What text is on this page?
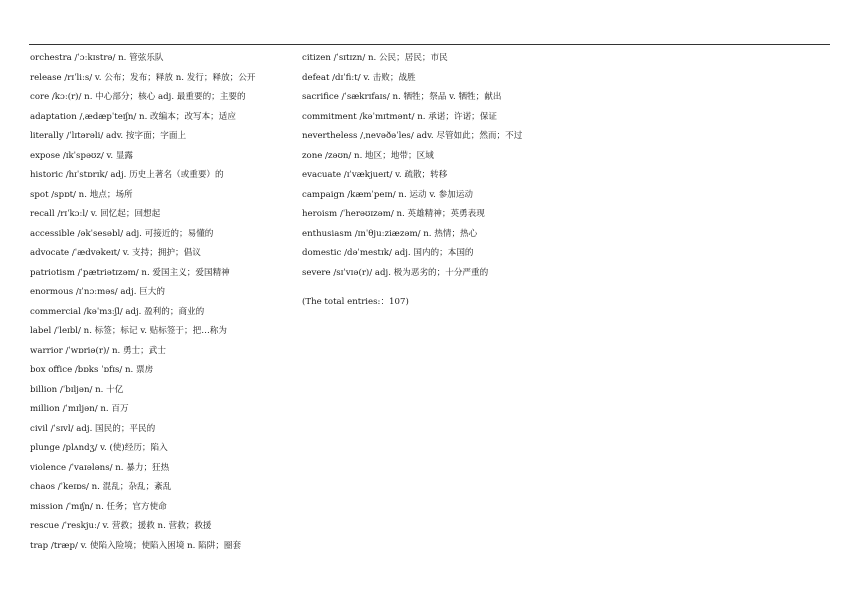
orchestra /ˈɔːkɪstrə/ n. 管弦乐队
release /rɪˈliːs/ v. 公布；发布；释放 n. 发行；释放；公开
core /kɔː(r)/ n. 中心部分；核心 adj. 最重要的；主要的
adaptation /ˌædæpˈteɪʃn/ n. 改编本；改写本；适应
literally /ˈlɪtərəli/ adv. 按字面；字面上
expose /ɪkˈspəʊz/ v. 显露
historic /hɪˈstɒrɪk/ adj. 历史上著名（或重要）的
spot /spɒt/ n. 地点；场所
recall /rɪˈkɔːl/ v. 回忆起；回想起
accessible /əkˈsesəbl/ adj. 可接近的；易懂的
advocate /ˈædvəkeɪt/ v. 支持；拥护；倡议
patriotism /ˈpætriətɪzəm/ n. 爱国主义；爱国精神
enormous /ɪˈnɔːməs/ adj. 巨大的
commercial /kəˈmɜːʃl/ adj. 盈利的；商业的
label /ˈleɪbl/ n. 标签；标记 v. 贴标签于；把…称为
warrior /ˈwɒriə(r)/ n. 勇士；武士
box office /bɒks ˈɒfɪs/ n. 票房
billion /ˈbɪljən/ n. 十亿
million /ˈmɪljən/ n. 百万
civil /ˈsɪvl/ adj. 国民的；平民的
plunge /plʌndʒ/ v. (使)经历；陷入
violence /ˈvaɪələns/ n. 暴力；狂热
chaos /ˈkeɪɒs/ n. 混乱；杂乱；紊乱
mission /ˈmɪʃn/ n. 任务；官方使命
rescue /ˈreskjuː/ v. 营救；援救 n. 营救；救援
trap /træp/ v. 使陷入险境；使陷入困境 n. 陷阱；圈套
citizen /ˈsɪtɪzn/ n. 公民；居民；市民
defeat /dɪˈfiːt/ v. 击败；战胜
sacrifice /ˈsækrɪfaɪs/ n. 牺牲；祭品 v. 牺牲；献出
commitment /kəˈmɪtmənt/ n. 承诺；许诺；保证
nevertheless /ˌnevəðəˈles/ adv. 尽管如此；然而；不过
zone /zəʊn/ n. 地区；地带；区域
evacuate /ɪˈvækjueɪt/ v. 疏散；转移
campaign /kæmˈpeɪn/ n. 运动 v. 参加运动
heroism /ˈherəʊɪzəm/ n. 英雄精神；英勇表现
enthusiasm /ɪnˈθjuːziæzəm/ n. 热情；热心
domestic /dəˈmestɪk/ adj. 国内的；本国的
severe /sɪˈvɪə(r)/ adj. 极为恶劣的；十分严重的
(The total entries:：107)
